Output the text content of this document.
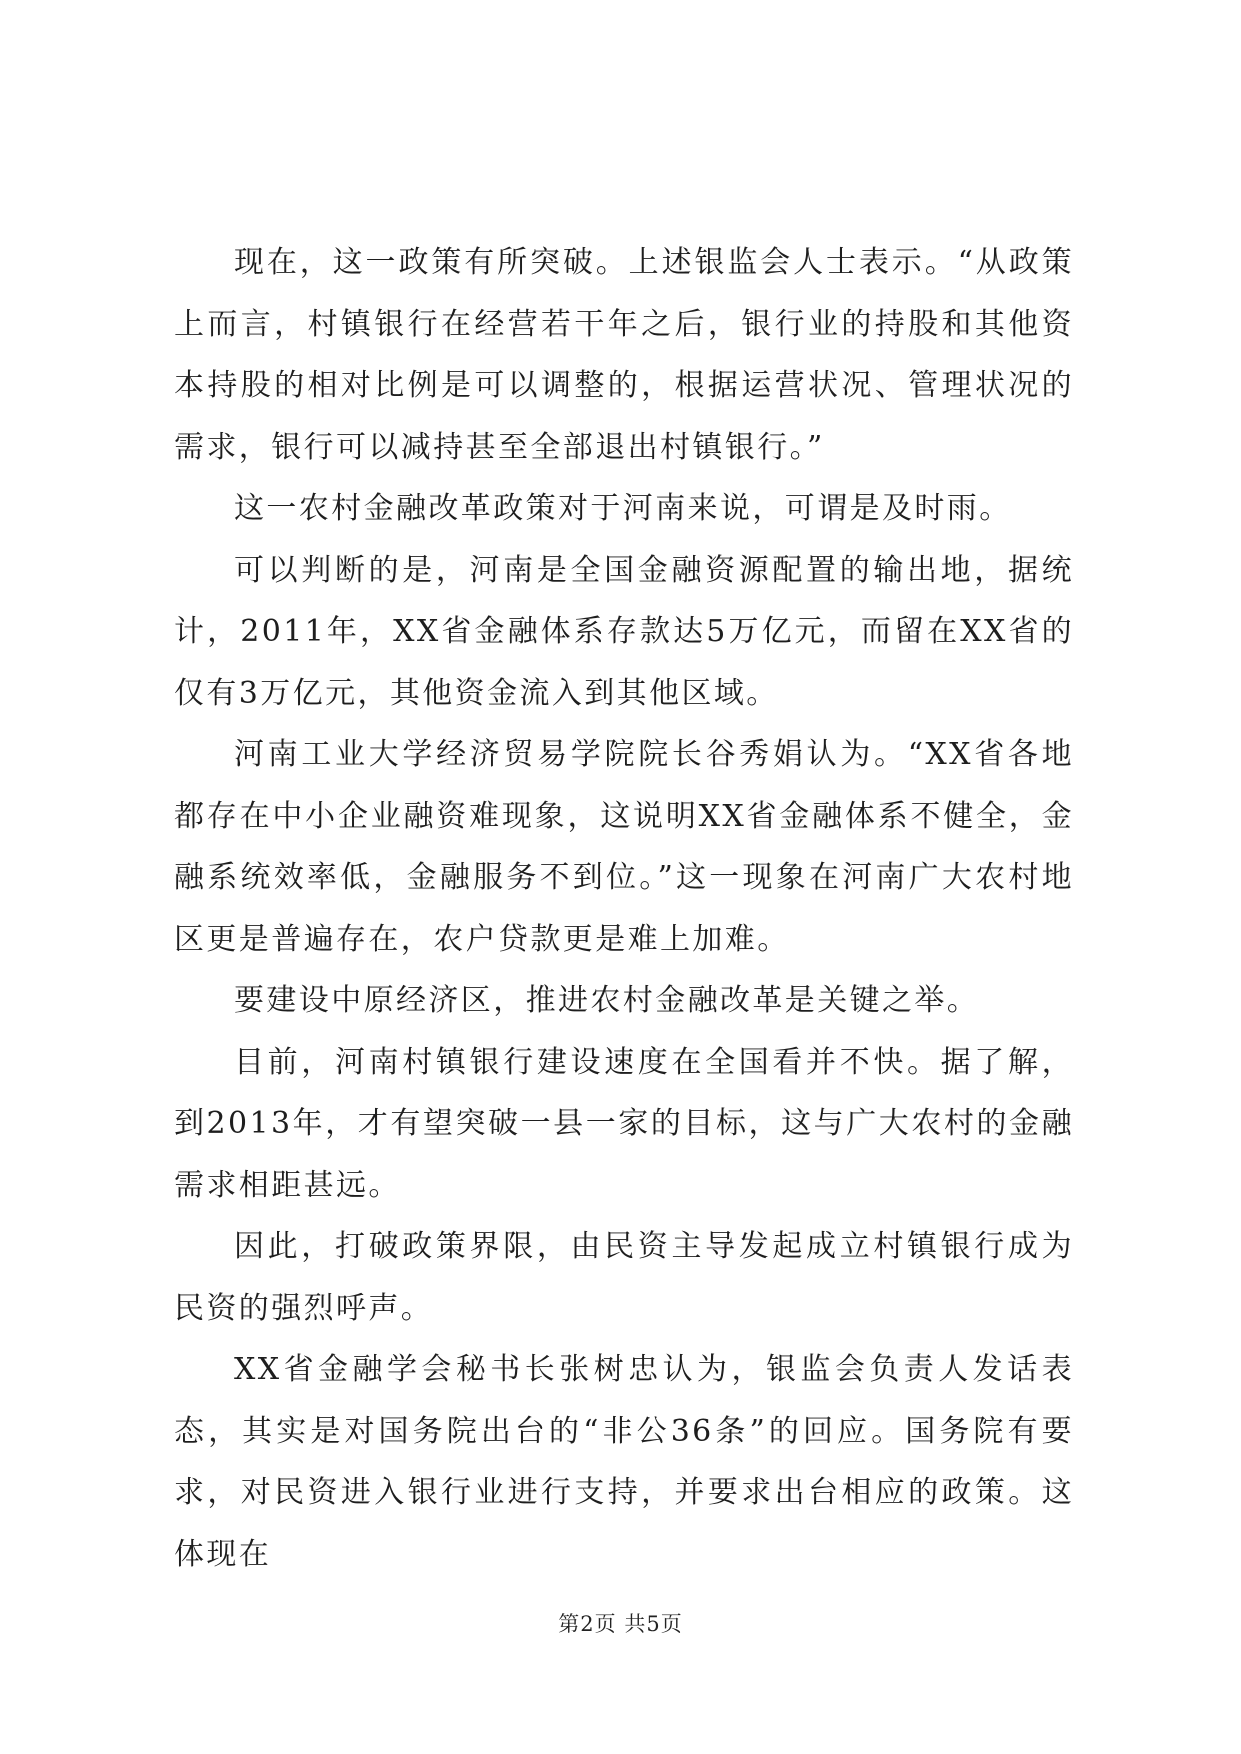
现在，这一政策有所突破。上述银监会人士表示。“从政策上而言，村镇银行在经营若干年之后，银行业的持股和其他资本持股的相对比例是可以调整的，根据运营状况、管理状况的需求，银行可以减持甚至全部退出村镇银行。”

这一农村金融改革政策对于河南来说，可谓是及时雨。

可以判断的是，河南是全国金融资源配置的输出地，据统计，2011年，XX省金融体系存款达5万亿元，而留在XX省的仅有3万亿元，其他资金流入到其他区域。

河南工业大学经济贸易学院院长谷秀娟认为。“XX省各地都存在中小企业融资难现象，这说明XX省金融体系不健全，金融系统效率低，金融服务不到位。”这一现象在河南广大农村地区更是普遍存在，农户贷款更是难上加难。

要建设中原经济区，推进农村金融改革是关键之举。

目前，河南村镇银行建设速度在全国看并不快。据了解，到2013年，才有望突破一县一家的目标，这与广大农村的金融需求相距甚远。

因此，打破政策界限，由民资主导发起成立村镇银行成为民资的强烈呼声。

XX省金融学会秘书长张树忠认为，银监会负责人发话表态，其实是对国务院出台的“非公36条”的回应。国务院有要求，对民资进入银行业进行支持，并要求出台相应的政策。这体现在

第2页 共5页
